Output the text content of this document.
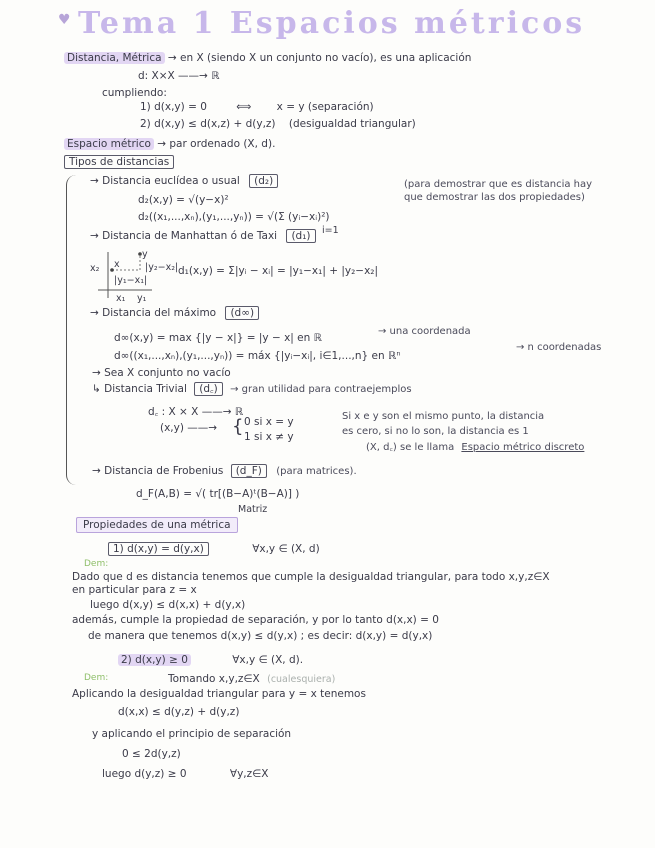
♥ Tema 1 Espacios métricos
Distancia, Métrica → en X (siendo X un conjunto no vacío), es una aplicación
d: X×X ——→ ℝ
cumpliendo:
1) d(x,y) = 0	⟺ x = y (separación)
2) d(x,y) ≤ d(x,z) + d(y,z) (desigualdad triangular)
Espacio métrico → par ordenado (X, d).
Tipos de distancias
→ Distancia euclídea o usual (d₂)
d₂(x,y) = √(y−x)²
d₂((x₁,...,xₙ),(y₁,...,yₙ)) = √(Σ (yᵢ−xᵢ)²)
i=1
(para demostrar que es distancia hay que demostrar las dos propiedades)
→ Distancia de Manhattan ó de Taxi (d₁)
x₂
x₁ y₁
y
|y₂−x₂|
|y₁−x₁|
x
d₁(x,y) = Σ|yᵢ − xᵢ| = |y₁−x₁| + |y₂−x₂|
→ Distancia del máximo (d∞)
d∞(x,y) = max {|y − x|} = |y − x| en ℝ
→ una coordenada
d∞((x₁,...,xₙ),(y₁,...,yₙ)) = máx {|yᵢ−xᵢ|, i∈1,...,n} en ℝⁿ
→ n coordenadas
→ Sea X conjunto no vacío
↳ Distancia Trivial (d꜀) → gran utilidad para contraejemplos
d꜀ : X × X ——→ ℝ
(x,y) ——→ { 0 si x = y
1 si x ≠ y
Si x e y son el mismo punto, la distancia
es cero, si no lo son, la distancia es 1
(X, d꜀) se le llama Espacio métrico discreto
→ Distancia de Frobenius (d_F) (para matrices).
d_F(A,B) = √( tr[(B−A)ᵗ(B−A)] )
Matriz
Propiedades de una métrica
1) d(x,y) = d(y,x)	∀x,y ∈ (X, d)
Dem:
Dado que d es distancia tenemos que cumple la desigualdad triangular, para todo x,y,z∈X
en particular para z = x
luego d(x,y) ≤ d(x,x) + d(y,x)
además, cumple la propiedad de separación, y por lo tanto d(x,x) = 0
de manera que tenemos d(x,y) ≤ d(y,x) ; es decir: d(x,y) = d(y,x)
2) d(x,y) ≥ 0	∀x,y ∈ (X, d).
Dem:	Tomando x,y,z∈X (cualesquiera)
Aplicando la desigualdad triangular para y = x tenemos
d(x,x) ≤ d(y,z) + d(y,z)
y aplicando el principio de separación
0 ≤ 2d(y,z)
luego d(y,z) ≥ 0	∀y,z∈X
